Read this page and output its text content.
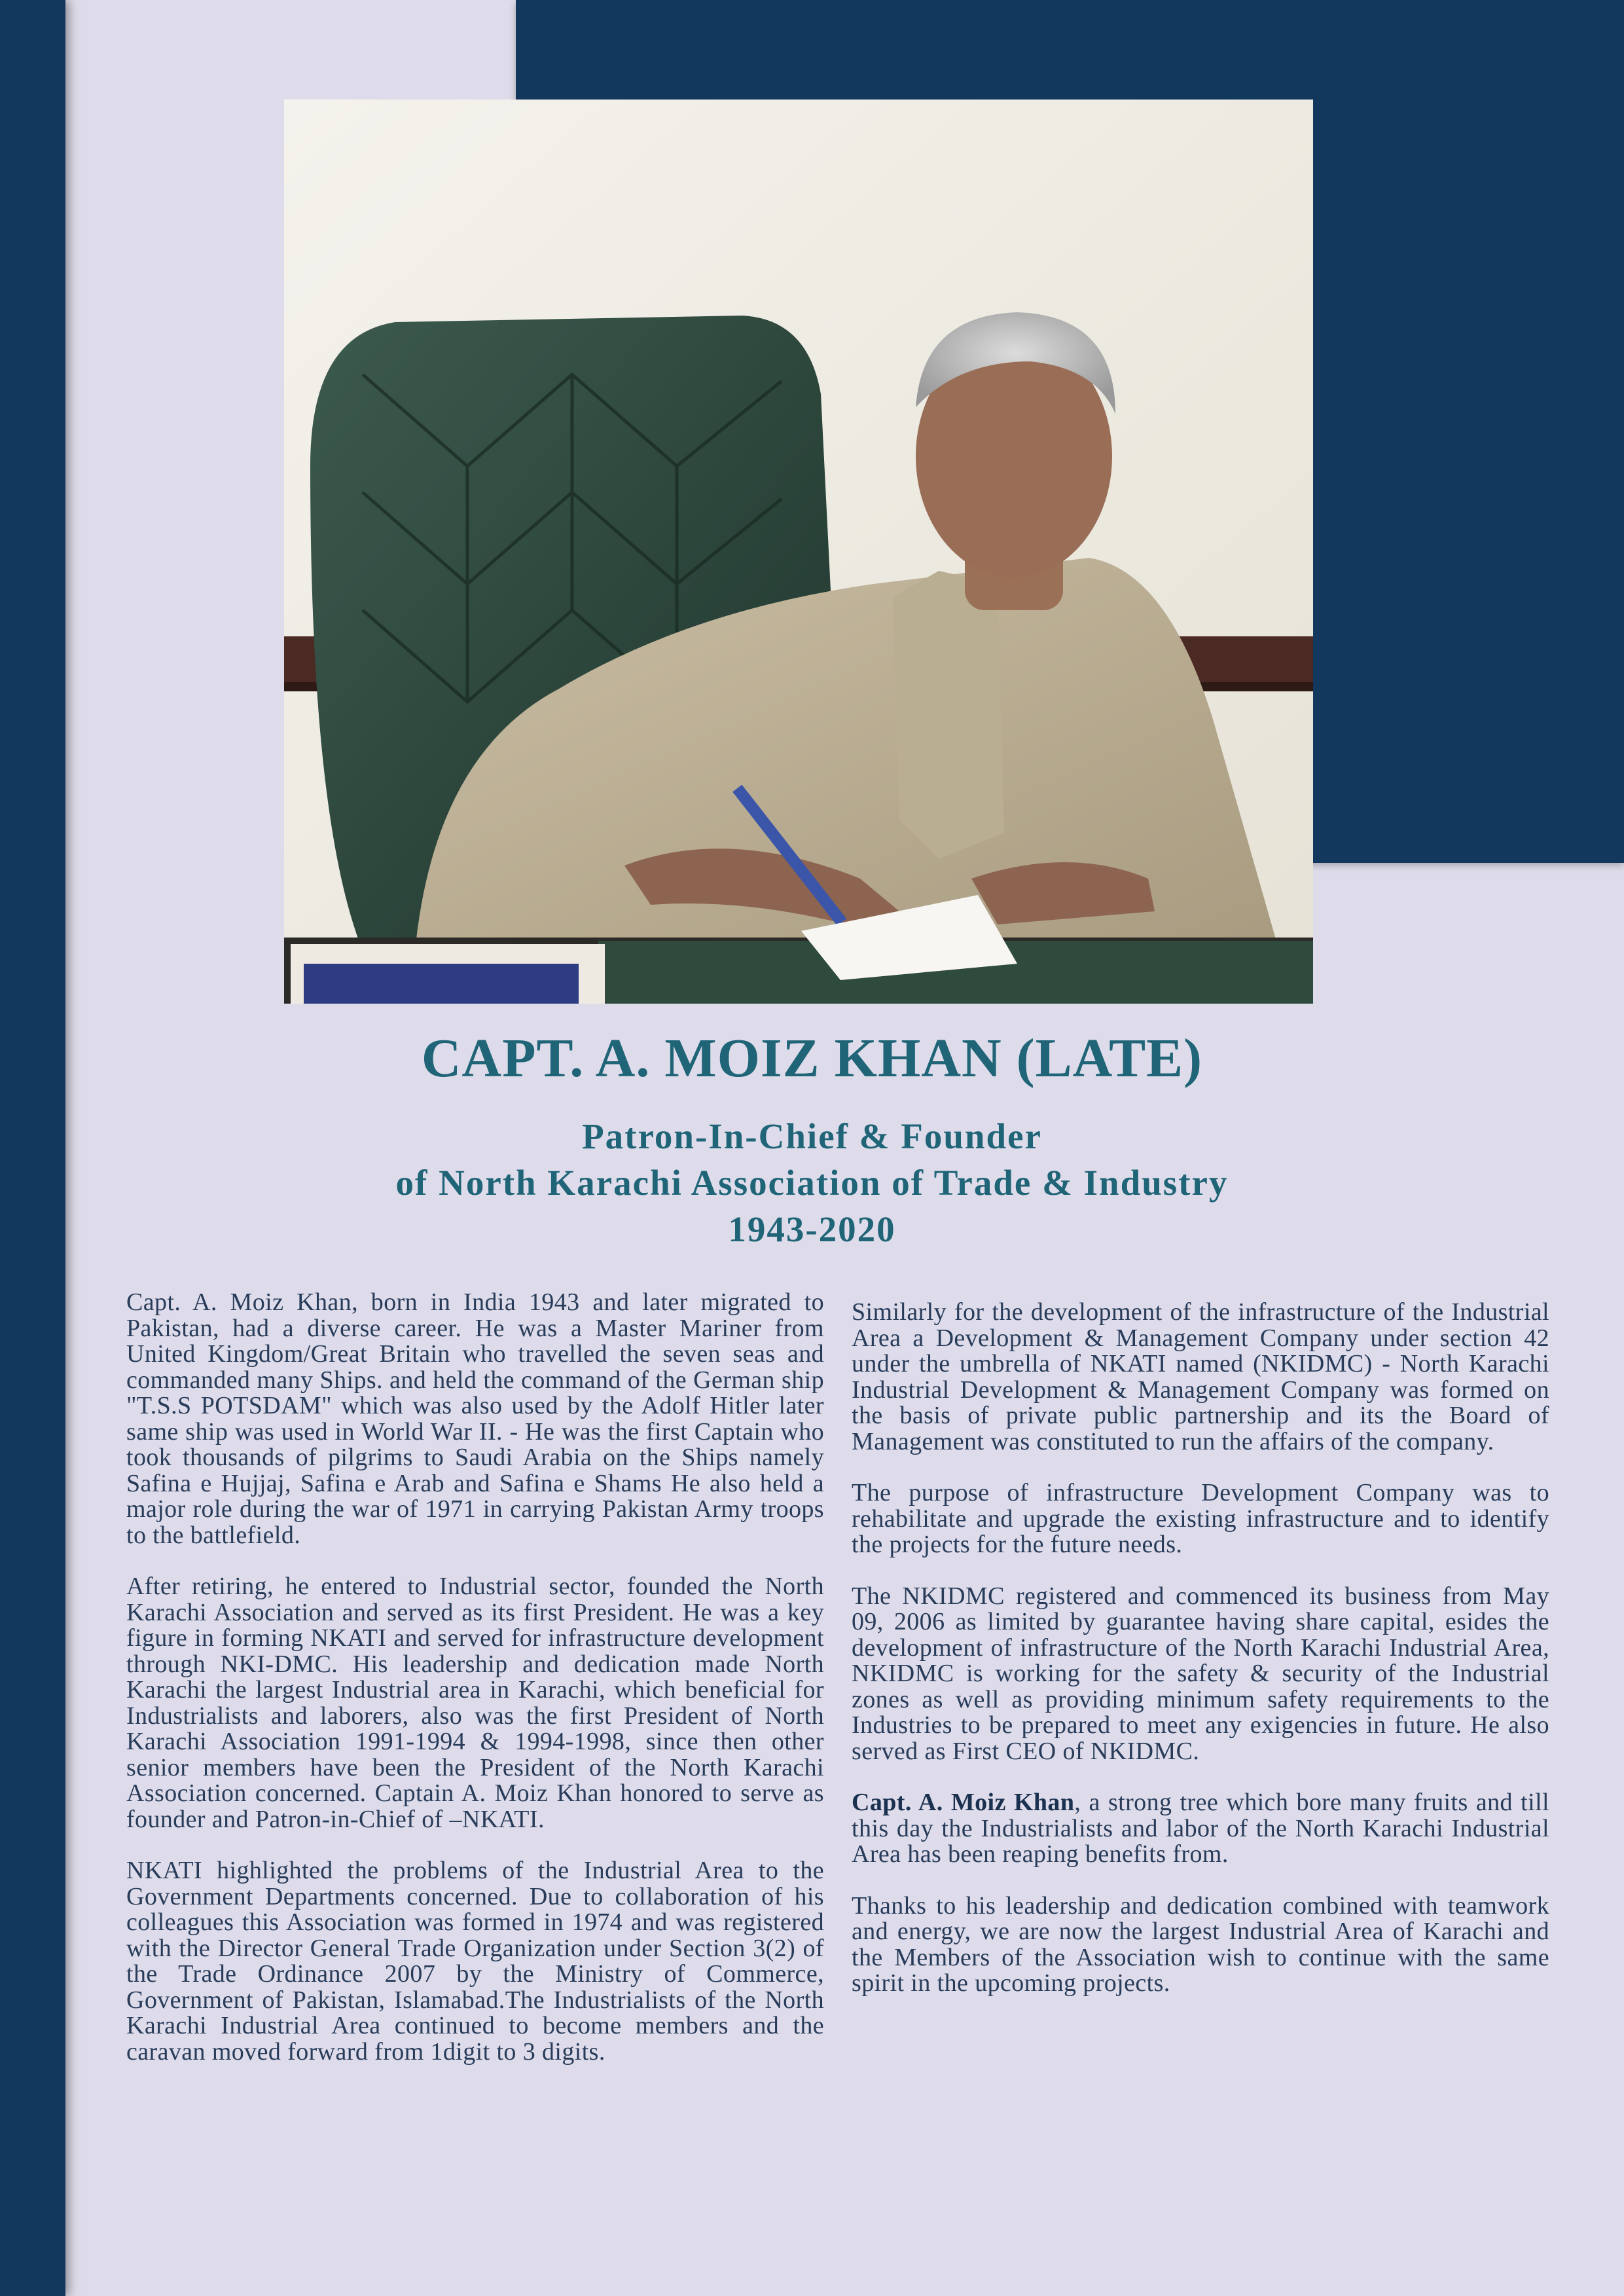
CAPT. A. MOIZ KHAN (LATE)
Patron-In-Chief & Founder
of North Karachi Association of Trade & Industry
1943-2020

Capt. A. Moiz Khan, born in India 1943 and later migrated to Pakistan, had a diverse career. He was a Master Mariner from United Kingdom/Great Britain who travelled the seven seas and commanded many Ships. and held the command of the German ship "T.S.S POTSDAM" which was also used by the Adolf Hitler later same ship was used in World War II. - He was the first Captain who took thousands of pilgrims to Saudi Arabia on the Ships namely Safina e Hujjaj, Safina e Arab and Safina e Shams He also held a major role during the war of 1971 in carrying Pakistan Army troops to the battlefield.

After retiring, he entered to Industrial sector, founded the North Karachi Association and served as its first President. He was a key figure in forming NKATI and served for infrastructure development through NKI-DMC. His leadership and dedication made North Karachi the largest Industrial area in Karachi, which beneficial for Industrialists and laborers, also was the first President of North Karachi Association 1991-1994 & 1994-1998, since then other senior members have been the President of the North Karachi Association concerned. Captain A. Moiz Khan honored to serve as founder and Patron-in-Chief of –NKATI.

NKATI highlighted the problems of the Industrial Area to the Government Departments concerned. Due to collaboration of his colleagues this Association was formed in 1974 and was registered with the Director General Trade Organization under Section 3(2) of the Trade Ordinance 2007 by the Ministry of Commerce, Government of Pakistan, Islamabad.The Industrialists of the North Karachi Industrial Area continued to become members and the caravan moved forward from 1digit to 3 digits.

Similarly for the development of the infrastructure of the Industrial Area a Development & Management Company under section 42 under the umbrella of NKATI named (NKIDMC) - North Karachi Industrial Development & Management Company was formed on the basis of private public partnership and its the Board of Management was constituted to run the affairs of the company.

The purpose of infrastructure Development Company was to rehabilitate and upgrade the existing infrastructure and to identify the projects for the future needs.

The NKIDMC registered and commenced its business from May 09, 2006 as limited by guarantee having share capital, esides the development of infrastructure of the North Karachi Industrial Area, NKIDMC is working for the safety & security of the Industrial zones as well as providing minimum safety requirements to the Industries to be prepared to meet any exigencies in future. He also served as First CEO of NKIDMC.

Capt. A. Moiz Khan, a strong tree which bore many fruits and till this day the Industrialists and labor of the North Karachi Industrial Area has been reaping benefits from.

Thanks to his leadership and dedication combined with teamwork and energy, we are now the largest Industrial Area of Karachi and the Members of the Association wish to continue with the same spirit in the upcoming projects.
